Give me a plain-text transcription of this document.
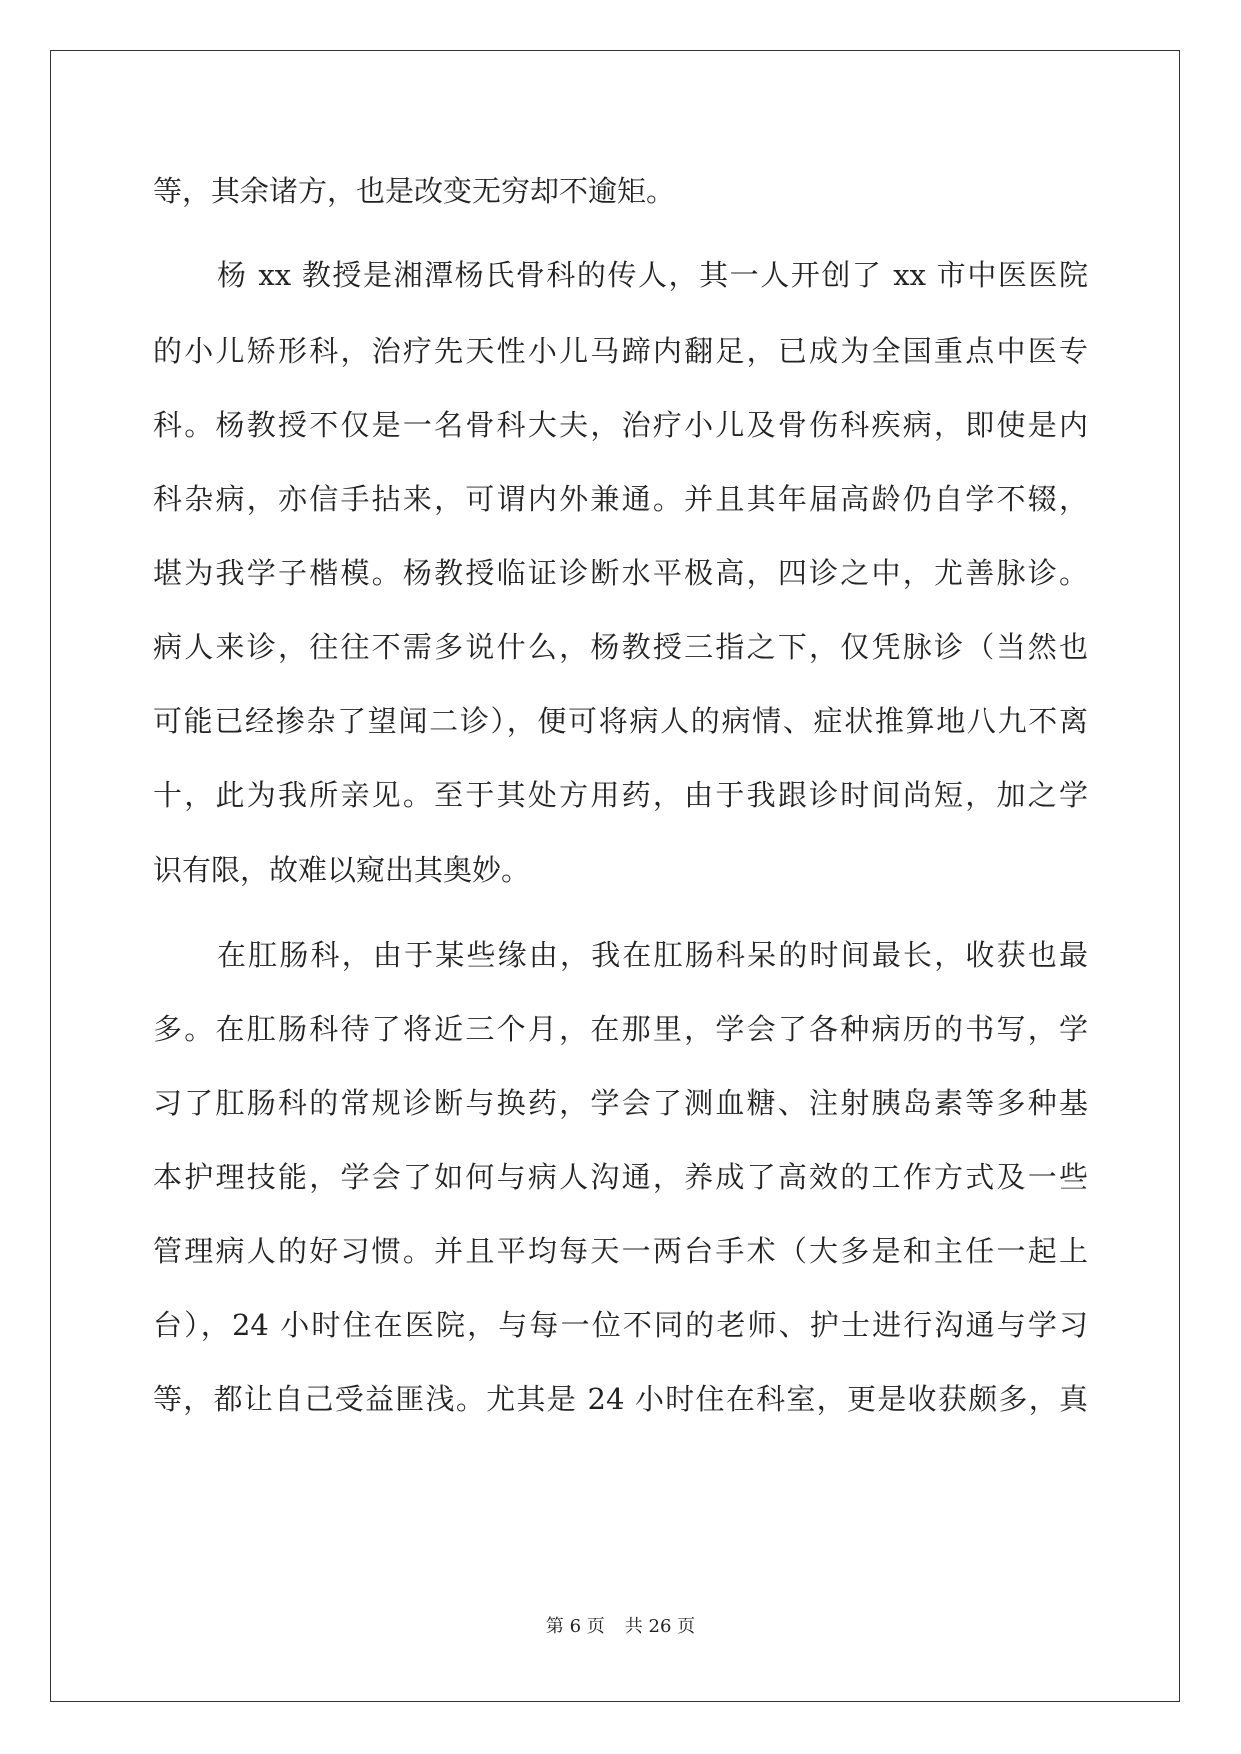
等，其余诸方，也是改变无穷却不逾矩。
杨 xx 教授是湘潭杨氏骨科的传人，其一人开创了 xx 市中医医院
的小儿矫形科，治疗先天性小儿马蹄内翻足，已成为全国重点中医专
科。杨教授不仅是一名骨科大夫，治疗小儿及骨伤科疾病，即使是内
科杂病，亦信手拈来，可谓内外兼通。并且其年届高龄仍自学不辍，
堪为我学子楷模。杨教授临证诊断水平极高，四诊之中，尤善脉诊。
病人来诊，往往不需多说什么，杨教授三指之下，仅凭脉诊（当然也
可能已经掺杂了望闻二诊），便可将病人的病情、症状推算地八九不离
十，此为我所亲见。至于其处方用药，由于我跟诊时间尚短，加之学
识有限，故难以窥出其奥妙。
在肛肠科，由于某些缘由，我在肛肠科呆的时间最长，收获也最
多。在肛肠科待了将近三个月，在那里，学会了各种病历的书写，学
习了肛肠科的常规诊断与换药，学会了测血糖、注射胰岛素等多种基
本护理技能，学会了如何与病人沟通，养成了高效的工作方式及一些
管理病人的好习惯。并且平均每天一两台手术（大多是和主任一起上
台），24 小时住在医院，与每一位不同的老师、护士进行沟通与学习
等，都让自己受益匪浅。尤其是 24 小时住在科室，更是收获颇多，真
第 6 页 共 26 页
